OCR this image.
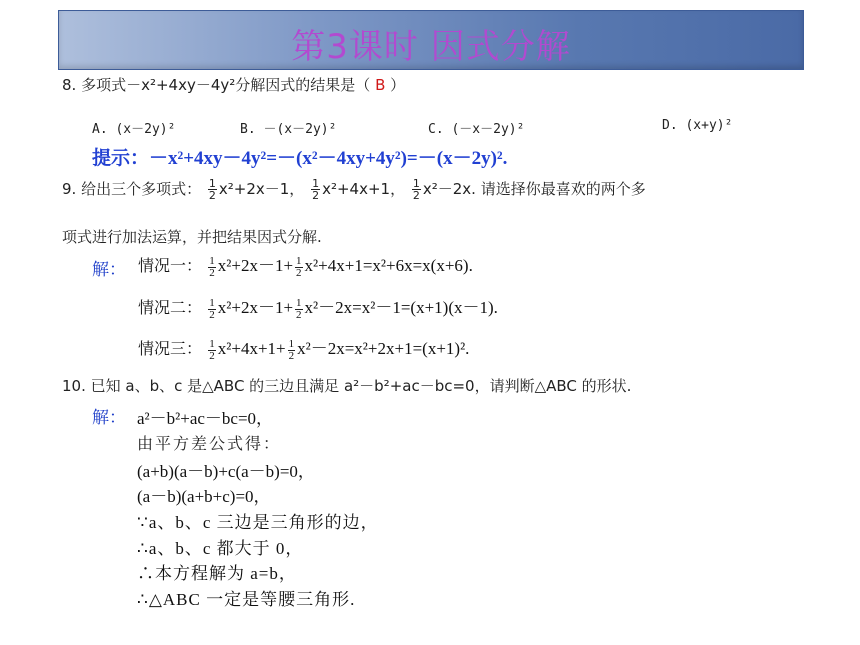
第3课时 因式分解
8. 多项式－x²+4xy－4y²分解因式的结果是（ B ）
A. (x－2y)²	B. －(x－2y)²	C. (－x－2y)²	D. (x+y)²
提示：－x²+4xy－4y²=－(x²－4xy+4y²)=－(x－2y)².
9. 给出三个多项式： $\frac{1}{2} x^2+2x-1$， $\frac{1}{2} x^2+4x+1$， $\frac{1}{2} x^2-2x$. 请选择你最喜欢的两个多
项式进行加法运算，并把结果因式分解.
解： 情况一： $\frac{1}{2} x^2+2x-1+ \frac{1}{2} x^2+4x+1=x^2+6x=x(x+6)$.
情况二： $\frac{1}{2} x^2+2x-1+ \frac{1}{2} x^2-2x=x^2-1=(x+1)(x-1)$.
情况三： $\frac{1}{2} x^2+4x+1+ \frac{1}{2} x^2-2x=x^2+2x+1=(x+1)^2$.
10. 已知 a、b、c 是△ABC 的三边且满足 a²－b²+ac－bc=0，请判断△ABC 的形状.
解： a²－b²+ac－bc=0，
由平方差公式得：
(a+b)(a－b)+c(a－b)=0，
(a－b)(a+b+c)=0，
∵a、b、c 三边是三角形的边，
∴a、b、c 都大于 0，
∴本方程解为 a=b，
∴△ABC 一定是等腰三角形.
